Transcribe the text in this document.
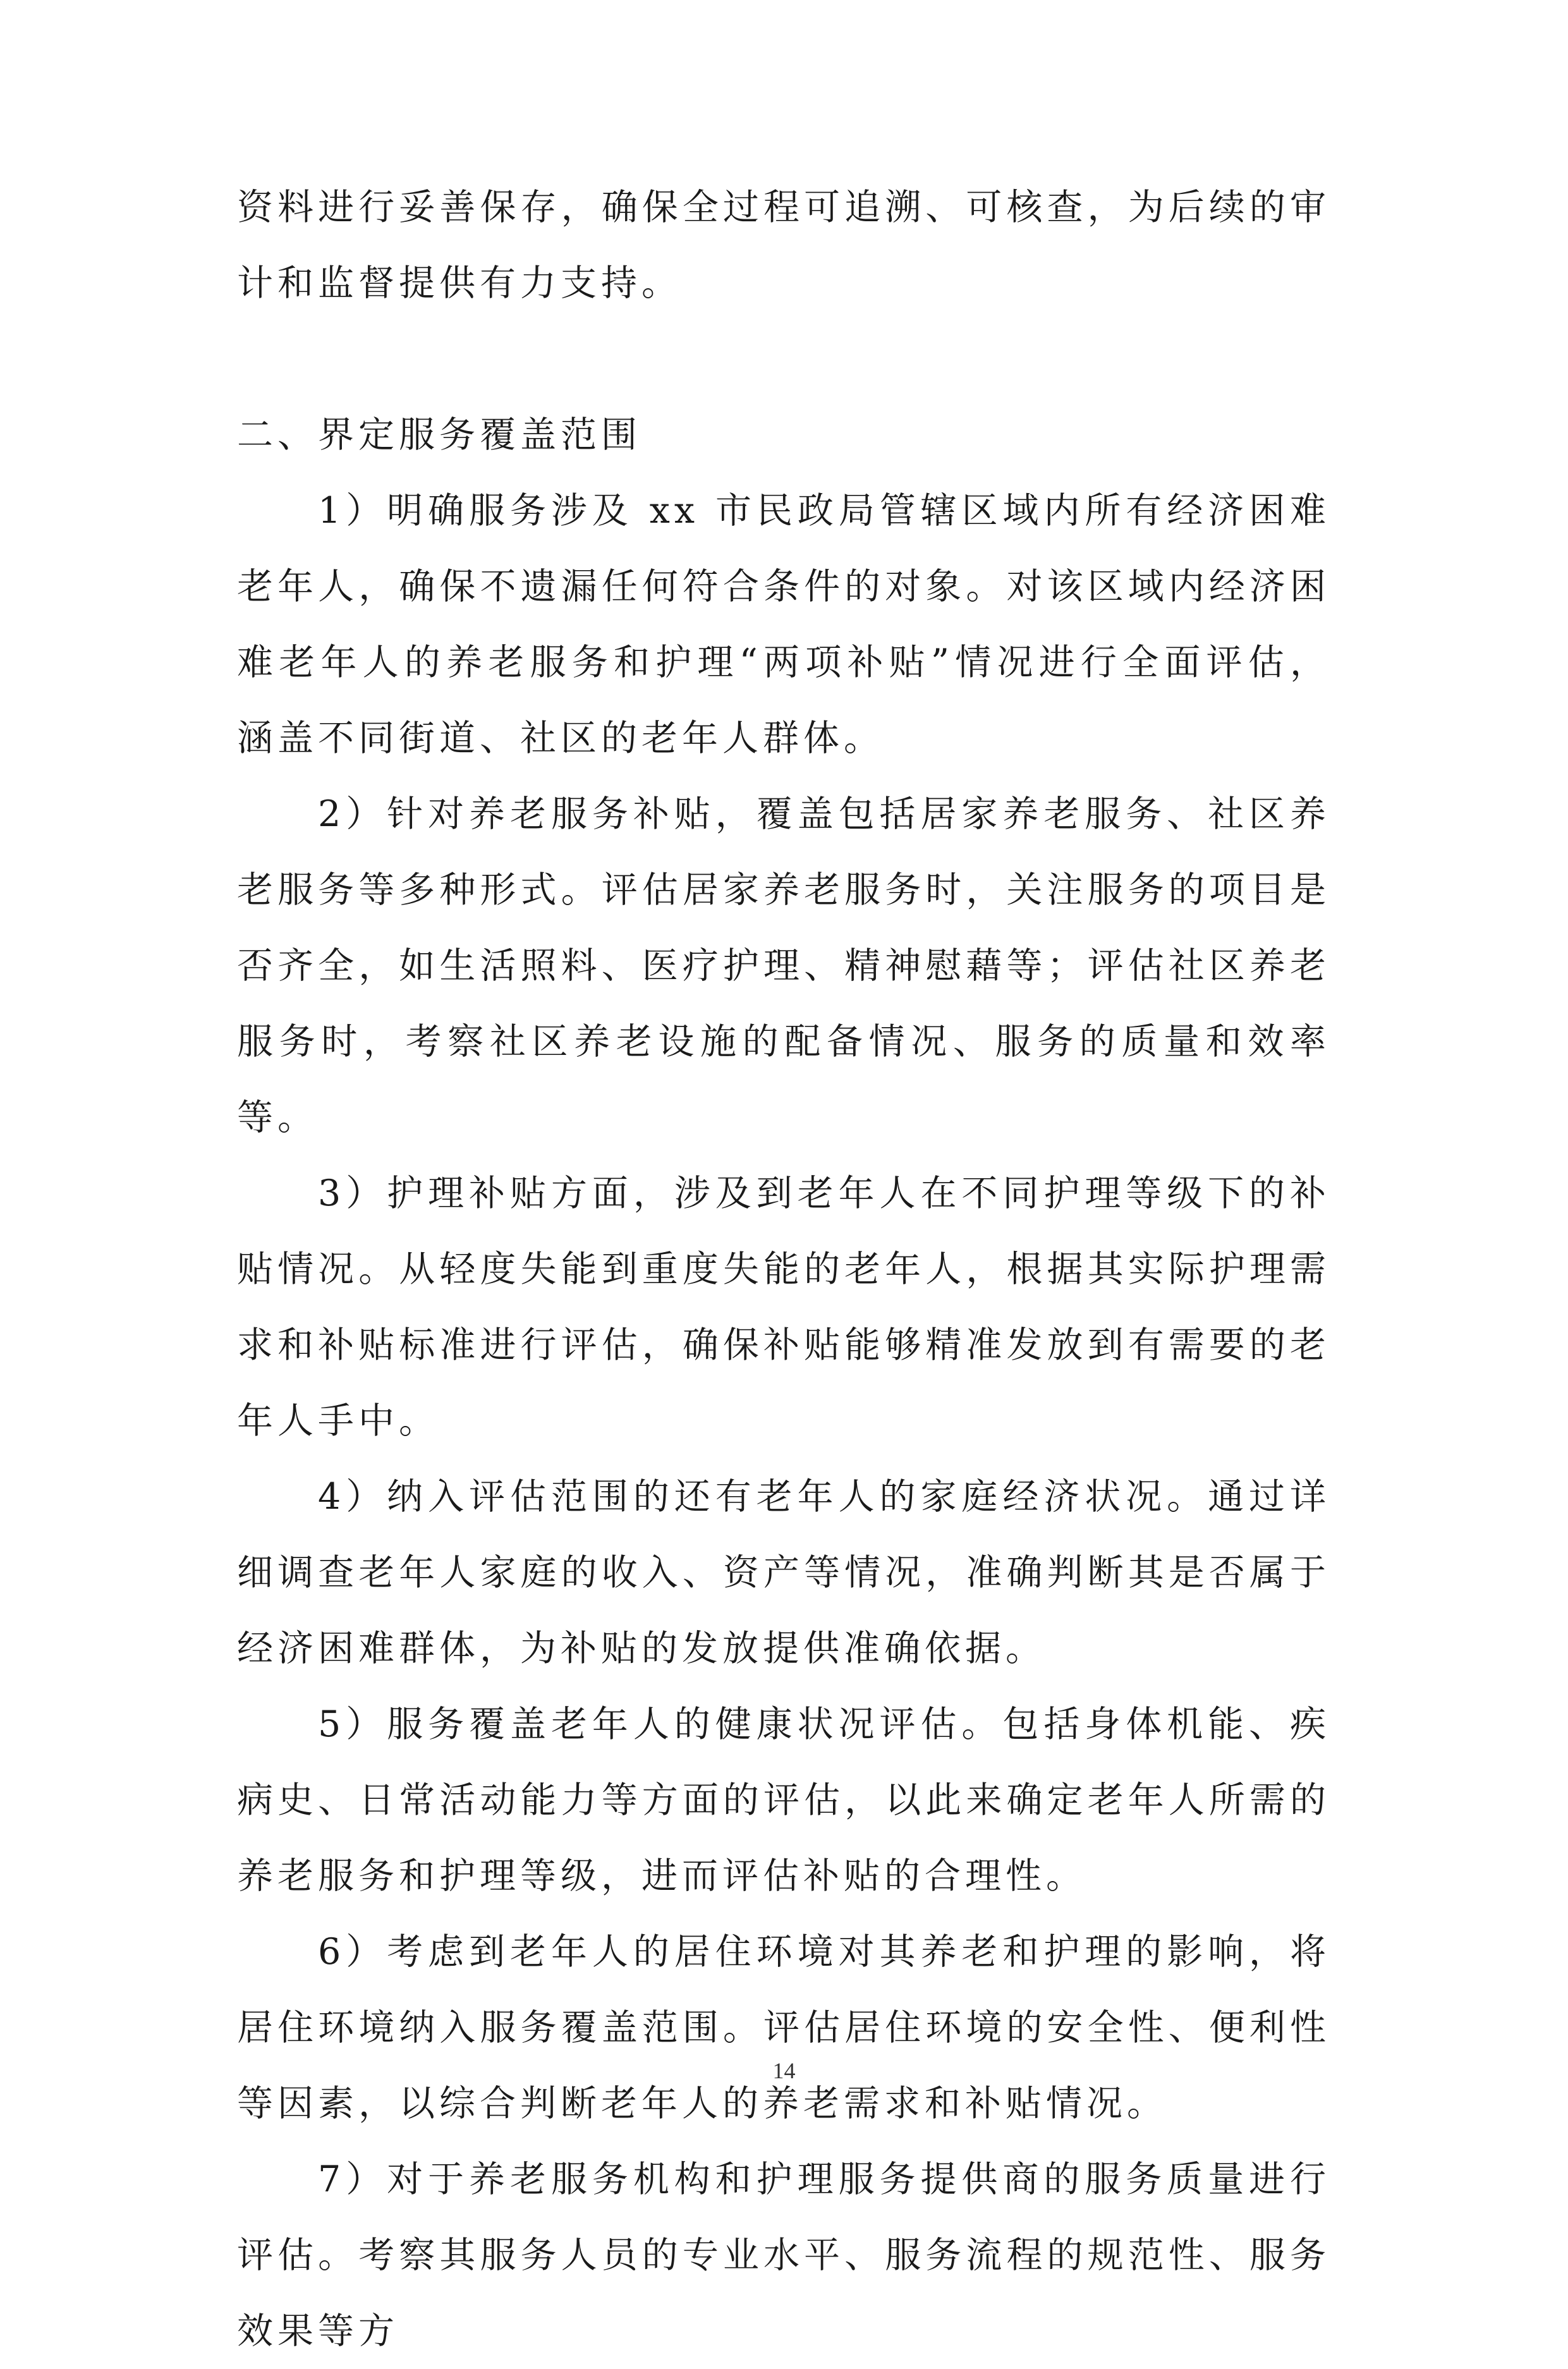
资料进行妥善保存，确保全过程可追溯、可核查，为后续的审计和监督提供有力支持。

二、界定服务覆盖范围

1）明确服务涉及 xx 市民政局管辖区域内所有经济困难老年人，确保不遗漏任何符合条件的对象。对该区域内经济困难老年人的养老服务和护理“两项补贴”情况进行全面评估，涵盖不同街道、社区的老年人群体。

2）针对养老服务补贴，覆盖包括居家养老服务、社区养老服务等多种形式。评估居家养老服务时，关注服务的项目是否齐全，如生活照料、医疗护理、精神慰藉等；评估社区养老服务时，考察社区养老设施的配备情况、服务的质量和效率等。

3）护理补贴方面，涉及到老年人在不同护理等级下的补贴情况。从轻度失能到重度失能的老年人，根据其实际护理需求和补贴标准进行评估，确保补贴能够精准发放到有需要的老年人手中。

4）纳入评估范围的还有老年人的家庭经济状况。通过详细调查老年人家庭的收入、资产等情况，准确判断其是否属于经济困难群体，为补贴的发放提供准确依据。

5）服务覆盖老年人的健康状况评估。包括身体机能、疾病史、日常活动能力等方面的评估，以此来确定老年人所需的养老服务和护理等级，进而评估补贴的合理性。

6）考虑到老年人的居住环境对其养老和护理的影响，将居住环境纳入服务覆盖范围。评估居住环境的安全性、便利性等因素，以综合判断老年人的养老需求和补贴情况。

7）对于养老服务机构和护理服务提供商的服务质量进行评估。考察其服务人员的专业水平、服务流程的规范性、服务效果等方

14
